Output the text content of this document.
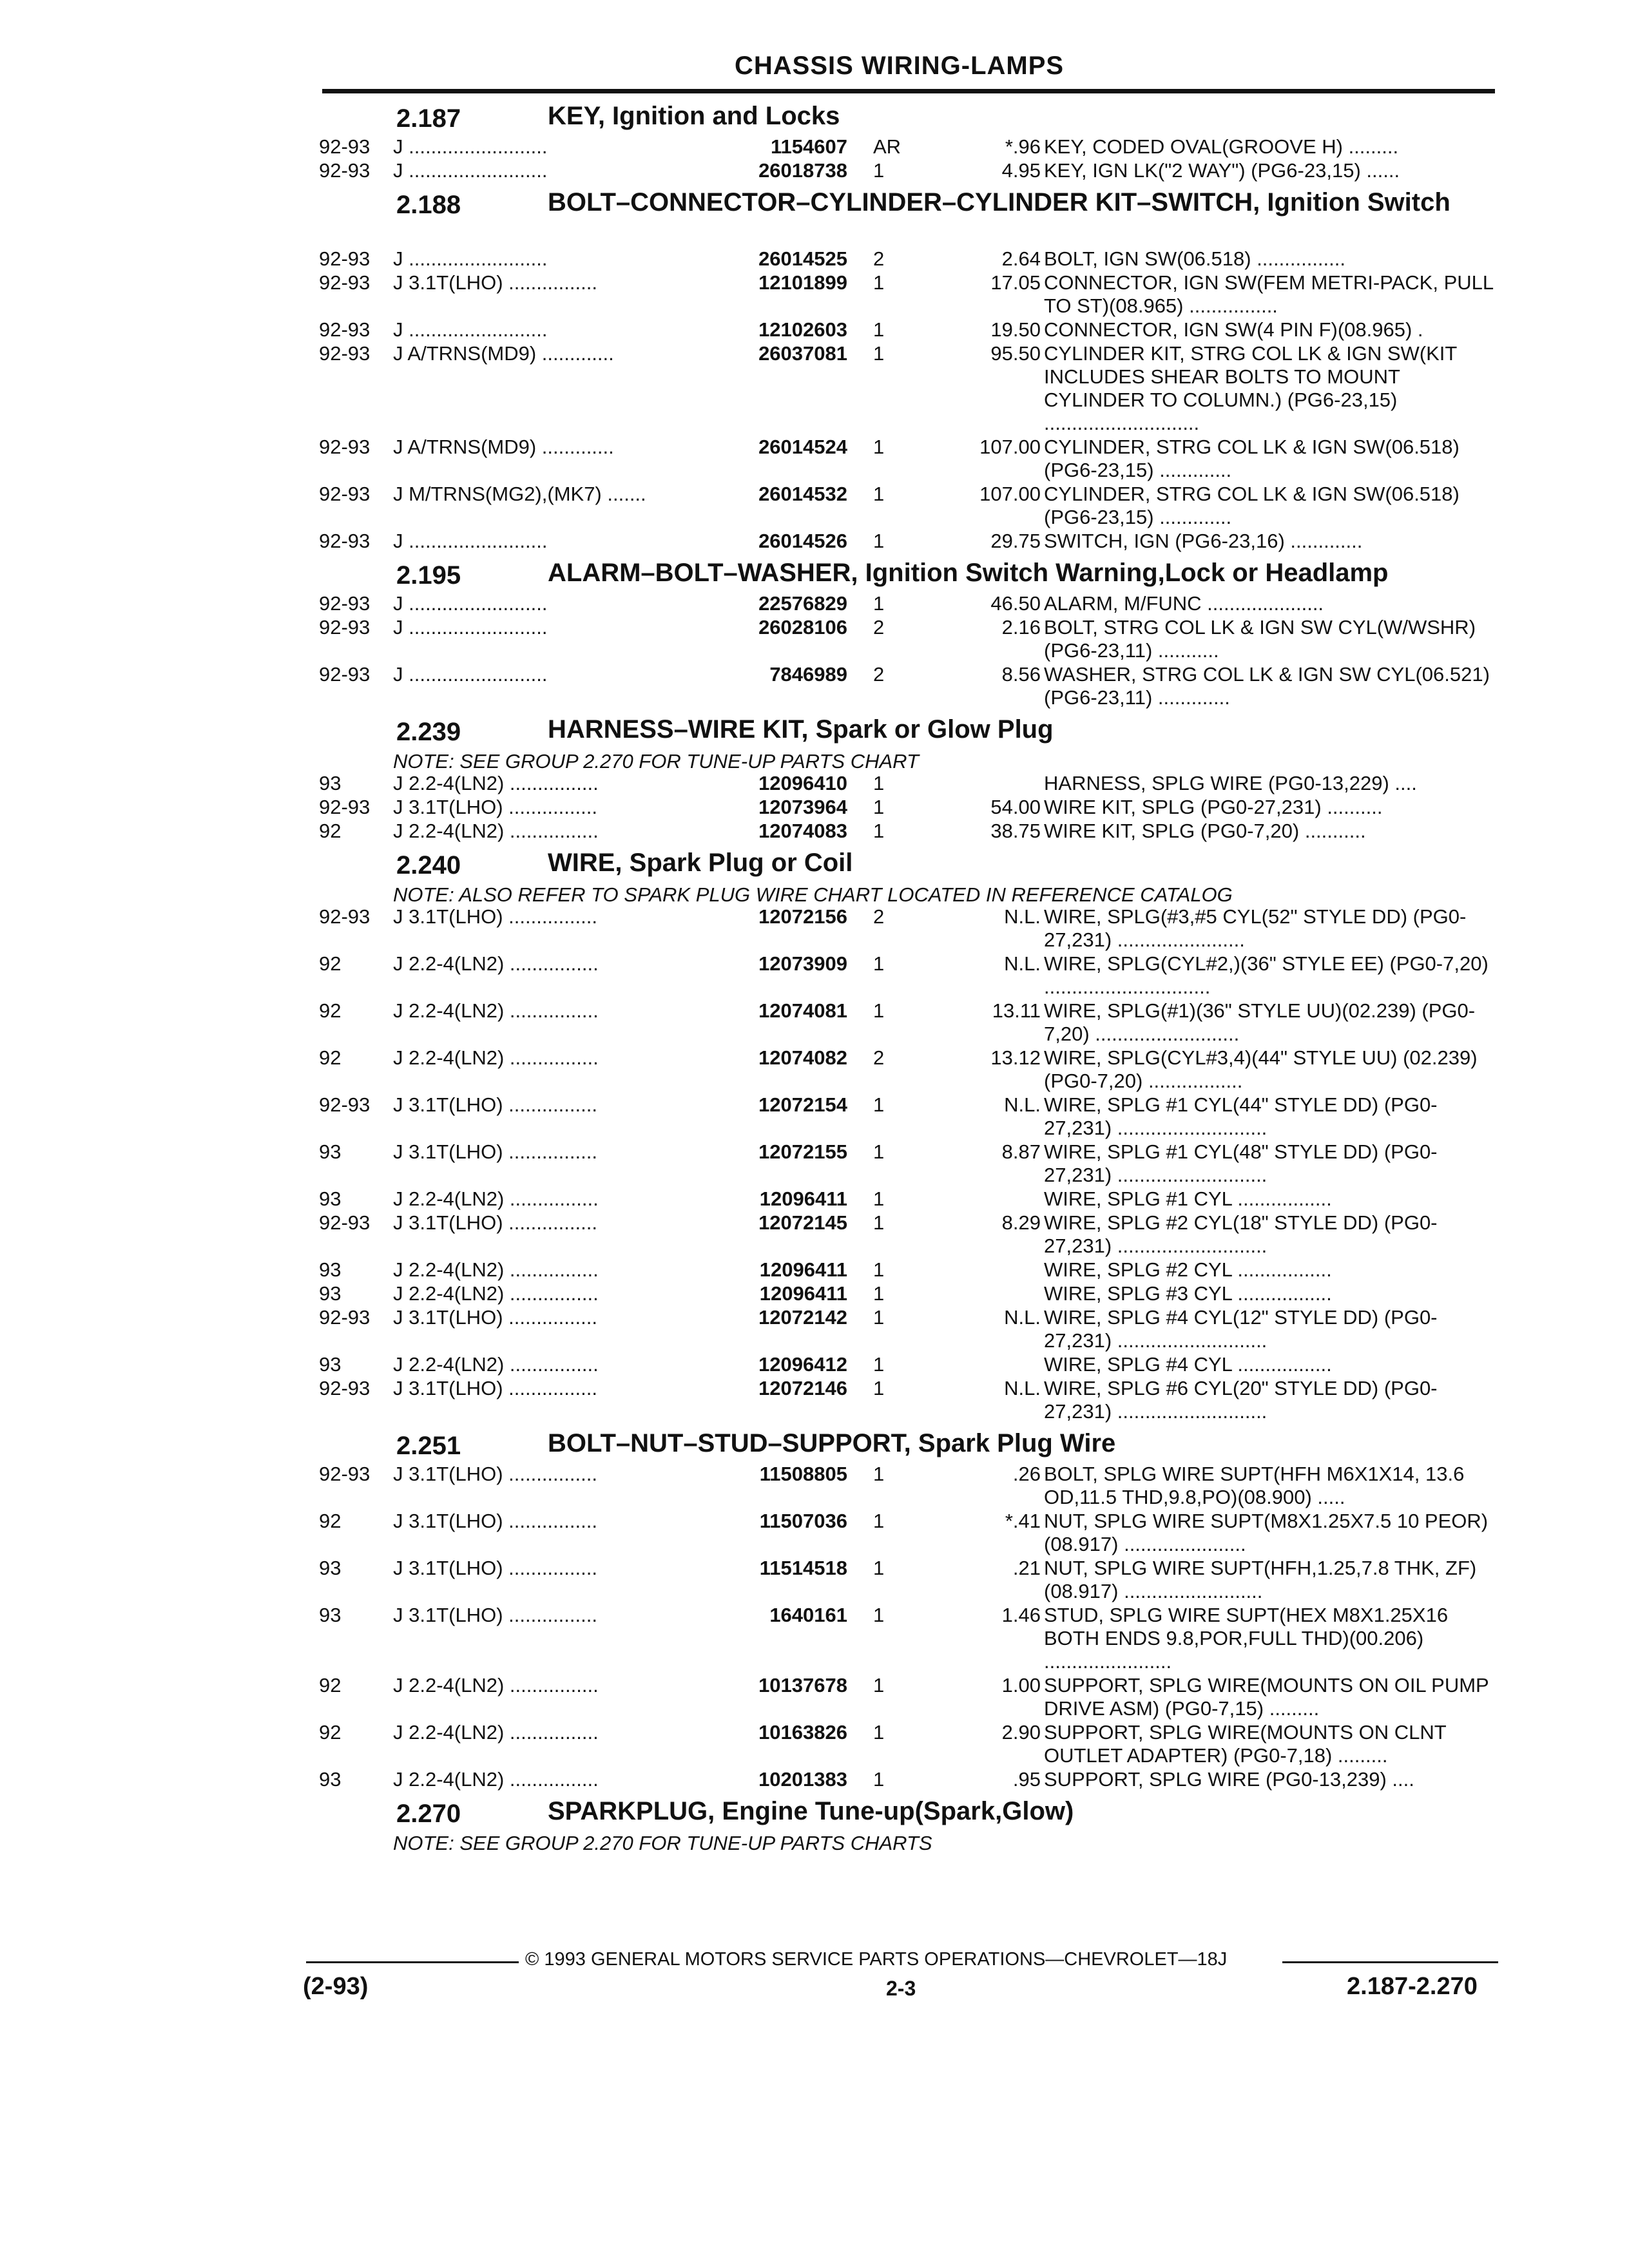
CHASSIS WIRING-LAMPS
2.187	KEY, Ignition and Locks
92-93 J .........................	1154607 AR	*.96 KEY, CODED OVAL(GROOVE H) .........
92-93 J .........................	26018738 1	4.95 KEY, IGN LK("2 WAY") (PG6-23,15) ......
2.188	BOLT–CONNECTOR–CYLINDER–CYLINDER KIT–SWITCH, Ignition Switch
92-93 J .........................	26014525 2	2.64 BOLT, IGN SW(06.518) ................
92-93 J 3.1T(LHO) ................	12101899 1	17.05 CONNECTOR, IGN SW(FEM METRI-PACK, PULL TO ST)(08.965) ................
92-93 J .........................	12102603 1	19.50 CONNECTOR, IGN SW(4 PIN F)(08.965) .
92-93 J A/TRNS(MD9) .............	26037081 1	95.50 CYLINDER KIT, STRG COL LK & IGN SW(KIT INCLUDES SHEAR BOLTS TO MOUNT CYLINDER TO COLUMN.) (PG6-23,15) ............................
92-93 J A/TRNS(MD9) .............	26014524 1	107.00 CYLINDER, STRG COL LK & IGN SW(06.518) (PG6-23,15) .............
92-93 J M/TRNS(MG2),(MK7) .......	26014532 1	107.00 CYLINDER, STRG COL LK & IGN SW(06.518) (PG6-23,15) .............
92-93 J .........................	26014526 1	29.75 SWITCH, IGN (PG6-23,16) .............
2.195	ALARM–BOLT–WASHER, Ignition Switch Warning,Lock or Headlamp
92-93 J .........................	22576829 1	46.50 ALARM, M/FUNC .....................
92-93 J .........................	26028106 2	2.16 BOLT, STRG COL LK & IGN SW CYL(W/WSHR) (PG6-23,11) ...........
92-93 J .........................	7846989 2	8.56 WASHER, STRG COL LK & IGN SW CYL(06.521) (PG6-23,11) .............
2.239	HARNESS–WIRE KIT, Spark or Glow Plug
NOTE: SEE GROUP 2.270 FOR TUNE-UP PARTS CHART
93	J 2.2-4(LN2) ................	12096410 1	HARNESS, SPLG WIRE (PG0-13,229) ....
92-93 J 3.1T(LHO) ................	12073964 1	54.00 WIRE KIT, SPLG (PG0-27,231) ..........
92	J 2.2-4(LN2) ................	12074083 1	38.75 WIRE KIT, SPLG (PG0-7,20) ...........
2.240	WIRE, Spark Plug or Coil
NOTE: ALSO REFER TO SPARK PLUG WIRE CHART LOCATED IN REFERENCE CATALOG
92-93 J 3.1T(LHO) ................	12072156 2	N.L. WIRE, SPLG(#3,#5 CYL(52" STYLE DD) (PG0-27,231) .......................
92	J 2.2-4(LN2) ................	12073909 1	N.L. WIRE, SPLG(CYL#2,)(36" STYLE EE) (PG0-7,20) ..............................
92	J 2.2-4(LN2) ................	12074081 1	13.11 WIRE, SPLG(#1)(36" STYLE UU)(02.239) (PG0-7,20) ..........................
92	J 2.2-4(LN2) ................	12074082 2	13.12 WIRE, SPLG(CYL#3,4)(44" STYLE UU) (02.239) (PG0-7,20) .................
92-93 J 3.1T(LHO) ................	12072154 1	N.L. WIRE, SPLG #1 CYL(44" STYLE DD) (PG0-27,231) ...........................
93	J 3.1T(LHO) ................	12072155 1	8.87 WIRE, SPLG #1 CYL(48" STYLE DD) (PG0-27,231) ...........................
93	J 2.2-4(LN2) ................	12096411 1	WIRE, SPLG #1 CYL .................
92-93 J 3.1T(LHO) ................	12072145 1	8.29 WIRE, SPLG #2 CYL(18" STYLE DD) (PG0-27,231) ...........................
93	J 2.2-4(LN2) ................	12096411 1	WIRE, SPLG #2 CYL .................
93	J 2.2-4(LN2) ................	12096411 1	WIRE, SPLG #3 CYL .................
92-93 J 3.1T(LHO) ................	12072142 1	N.L. WIRE, SPLG #4 CYL(12" STYLE DD) (PG0-27,231) ...........................
93	J 2.2-4(LN2) ................	12096412 1	WIRE, SPLG #4 CYL .................
92-93 J 3.1T(LHO) ................	12072146 1	N.L. WIRE, SPLG #6 CYL(20" STYLE DD) (PG0-27,231) ...........................
2.251	BOLT–NUT–STUD–SUPPORT, Spark Plug Wire
92-93 J 3.1T(LHO) ................	11508805 1	.26 BOLT, SPLG WIRE SUPT(HFH M6X1X14, 13.6 OD,11.5 THD,9.8,PO)(08.900) .....
92	J 3.1T(LHO) ................	11507036 1	*.41 NUT, SPLG WIRE SUPT(M8X1.25X7.5 10 PEOR)(08.917) ......................
93	J 3.1T(LHO) ................	11514518 1	.21 NUT, SPLG WIRE SUPT(HFH,1.25,7.8 THK, ZF)(08.917) .........................
93	J 3.1T(LHO) ................	1640161 1	1.46 STUD, SPLG WIRE SUPT(HEX M8X1.25X16 BOTH ENDS 9.8,POR,FULL THD)(00.206) .......................
92	J 2.2-4(LN2) ................	10137678 1	1.00 SUPPORT, SPLG WIRE(MOUNTS ON OIL PUMP DRIVE ASM) (PG0-7,15) .........
92	J 2.2-4(LN2) ................	10163826 1	2.90 SUPPORT, SPLG WIRE(MOUNTS ON CLNT OUTLET ADAPTER) (PG0-7,18) .........
93	J 2.2-4(LN2) ................	10201383 1	.95 SUPPORT, SPLG WIRE (PG0-13,239) ....
2.270	SPARKPLUG, Engine Tune-up(Spark,Glow)
NOTE: SEE GROUP 2.270 FOR TUNE-UP PARTS CHARTS
© 1993 GENERAL MOTORS SERVICE PARTS OPERATIONS—CHEVROLET—18J
(2-93)	2-3	2.187-2.270
